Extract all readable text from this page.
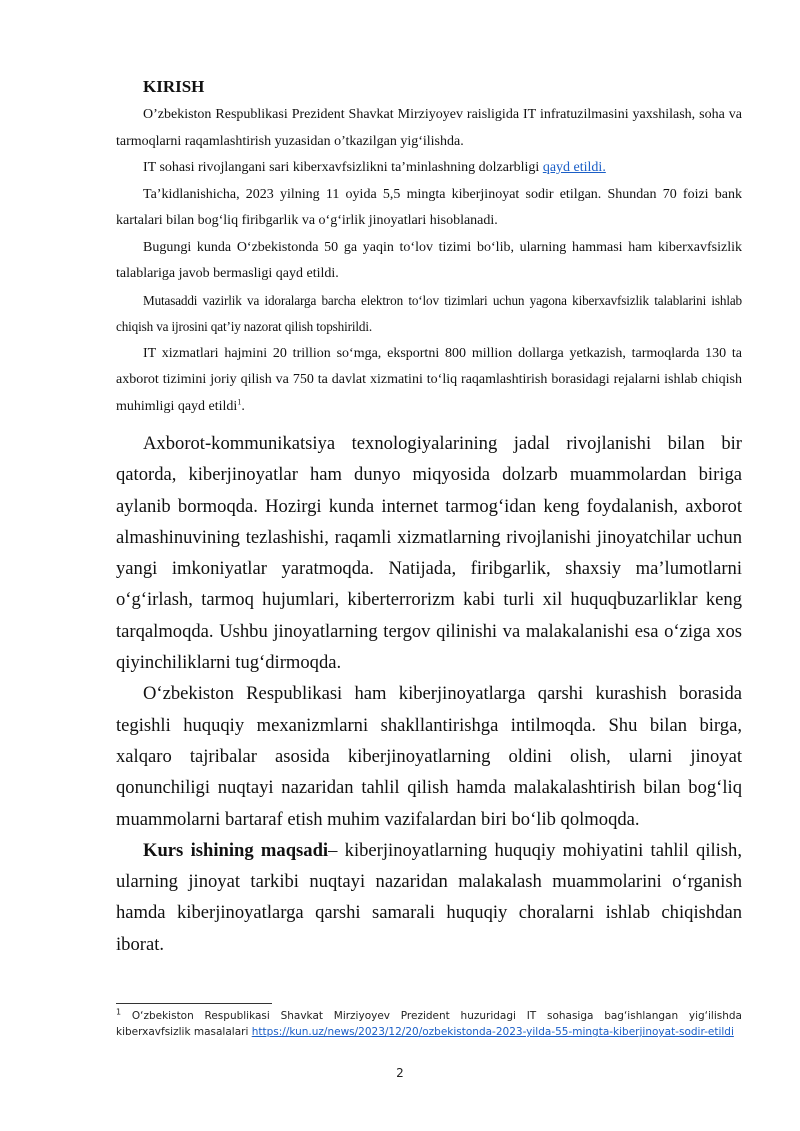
KIRISH

O’zbekiston Respublikasi Prezident Shavkat Mirziyoyev raisligida IT infratuzilmasini yaxshilash, soha va tarmoqlarni raqamlashtirish yuzasidan o’tkazilgan yig‘ilishda.

IT sohasi rivojlangani sari kiberxavfsizlikni ta’minlashning dolzarbligi qayd etildi.

Ta’kidlanishicha, 2023 yilning 11 oyida 5,5 mingta kiberjinoyat sodir etilgan. Shundan 70 foizi bank kartalari bilan bog‘liq firibgarlik va o‘g‘irlik jinoyatlari hisoblanadi.

Bugungi kunda O‘zbekistonda 50 ga yaqin to‘lov tizimi bo‘lib, ularning hammasi ham kiberxavfsizlik talablariga javob bermasligi qayd etildi.

Mutasaddi vazirlik va idoralarga barcha elektron to‘lov tizimlari uchun yagona kiberxavfsizlik talablarini ishlab chiqish va ijrosini qat’iy nazorat qilish topshirildi.

IT xizmatlari hajmini 20 trillion so‘mga, eksportni 800 million dollarga yetkazish, tarmoqlarda 130 ta axborot tizimini joriy qilish va 750 ta davlat xizmatini to‘liq raqamlashtirish borasidagi rejalarni ishlab chiqish muhimligi qayd etildi$^1$.

Axborot-kommunikatsiya texnologiyalarining jadal rivojlanishi bilan bir qatorda, kiberjinoyatlar ham dunyo miqyosida dolzarb muammolardan biriga aylanib bormoqda. Hozirgi kunda internet tarmog‘idan keng foydalanish, axborot almashinuvining tezlashishi, raqamli xizmatlarning rivojlanishi jinoyatchilar uchun yangi imkoniyatlar yaratmoqda. Natijada, firibgarlik, shaxsiy ma’lumotlarni o‘g‘irlash, tarmoq hujumlari, kiberterrorizm kabi turli xil huquqbuzarliklar keng tarqalmoqda. Ushbu jinoyatlarning tergov qilinishi va malakalanishi esa o‘ziga xos qiyinchiliklarni tug‘dirmoqda.

O‘zbekiston Respublikasi ham kiberjinoyatlarga qarshi kurashish borasida tegishli huquqiy mexanizmlarni shakllantirishga intilmoqda. Shu bilan birga, xalqaro tajribalar asosida kiberjinoyatlarning oldini olish, ularni jinoyat qonunchiligi nuqtayi nazaridan tahlil qilish hamda malakalashtirish bilan bog‘liq muammolarni bartaraf etish muhim vazifalardan biri bo‘lib qolmoqda.

Kurs ishining maqsadi– kiberjinoyatlarning huquqiy mohiyatini tahlil qilish, ularning jinoyat tarkibi nuqtayi nazaridan malakalash muammolarini o‘rganish hamda kiberjinoyatlarga qarshi samarali huquqiy choralarni ishlab chiqishdan iborat.

$^1$ O‘zbekiston Respublikasi Shavkat Mirziyoyev Prezident huzuridagi IT sohasiga bag‘ishlangan yig‘ilishda kiberxavfsizlik masalalari https://kun.uz/news/2023/12/20/ozbekistonda-2023-yilda-55-mingta-kiberjinoyat-sodir-etildi
2
